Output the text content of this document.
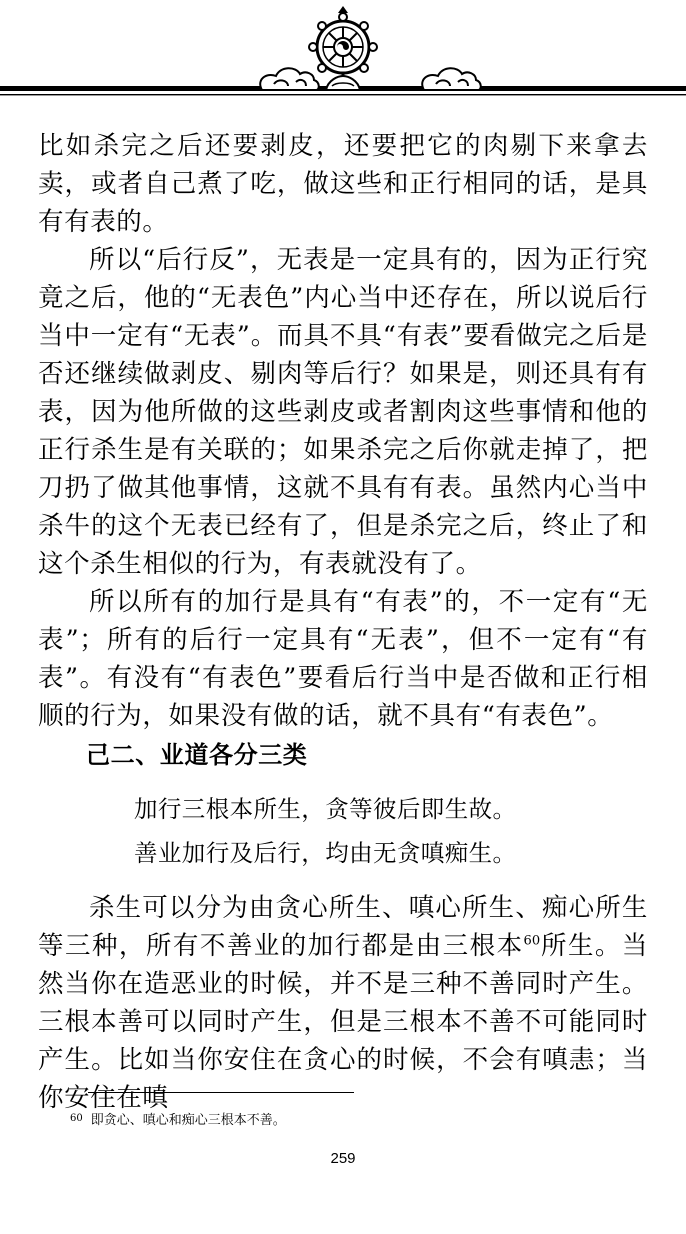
比如杀完之后还要剥皮，还要把它的肉剔下来拿去卖，或者自己煮了吃，做这些和正行相同的话，是具有有表的。

所以“后行反”，无表是一定具有的，因为正行究竟之后，他的“无表色”内心当中还存在，所以说后行当中一定有“无表”。而具不具“有表”要看做完之后是否还继续做剥皮、剔肉等后行？如果是，则还具有有表，因为他所做的这些剥皮或者割肉这些事情和他的正行杀生是有关联的；如果杀完之后你就走掉了，把刀扔了做其他事情，这就不具有有表。虽然内心当中杀牛的这个无表已经有了，但是杀完之后，终止了和这个杀生相似的行为，有表就没有了。

所以所有的加行是具有“有表”的，不一定有“无表”；所有的后行一定具有“无表”，但不一定有“有表”。有没有“有表色”要看后行当中是否做和正行相顺的行为，如果没有做的话，就不具有“有表色”。

己二、业道各分三类

加行三根本所生，贪等彼后即生故。

善业加行及后行，均由无贪嗔痴生。

杀生可以分为由贪心所生、嗔心所生、痴心所生等三种，所有不善业的加行都是由三根本$^{60}$所生。当然当你在造恶业的时候，并不是三种不善同时产生。三根本善可以同时产生，但是三根本不善不可能同时产生。比如当你安住在贪心的时候，不会有嗔恚；当你安住在嗔

$^{60}$ 即贪心、嗔心和痴心三根本不善。
259
